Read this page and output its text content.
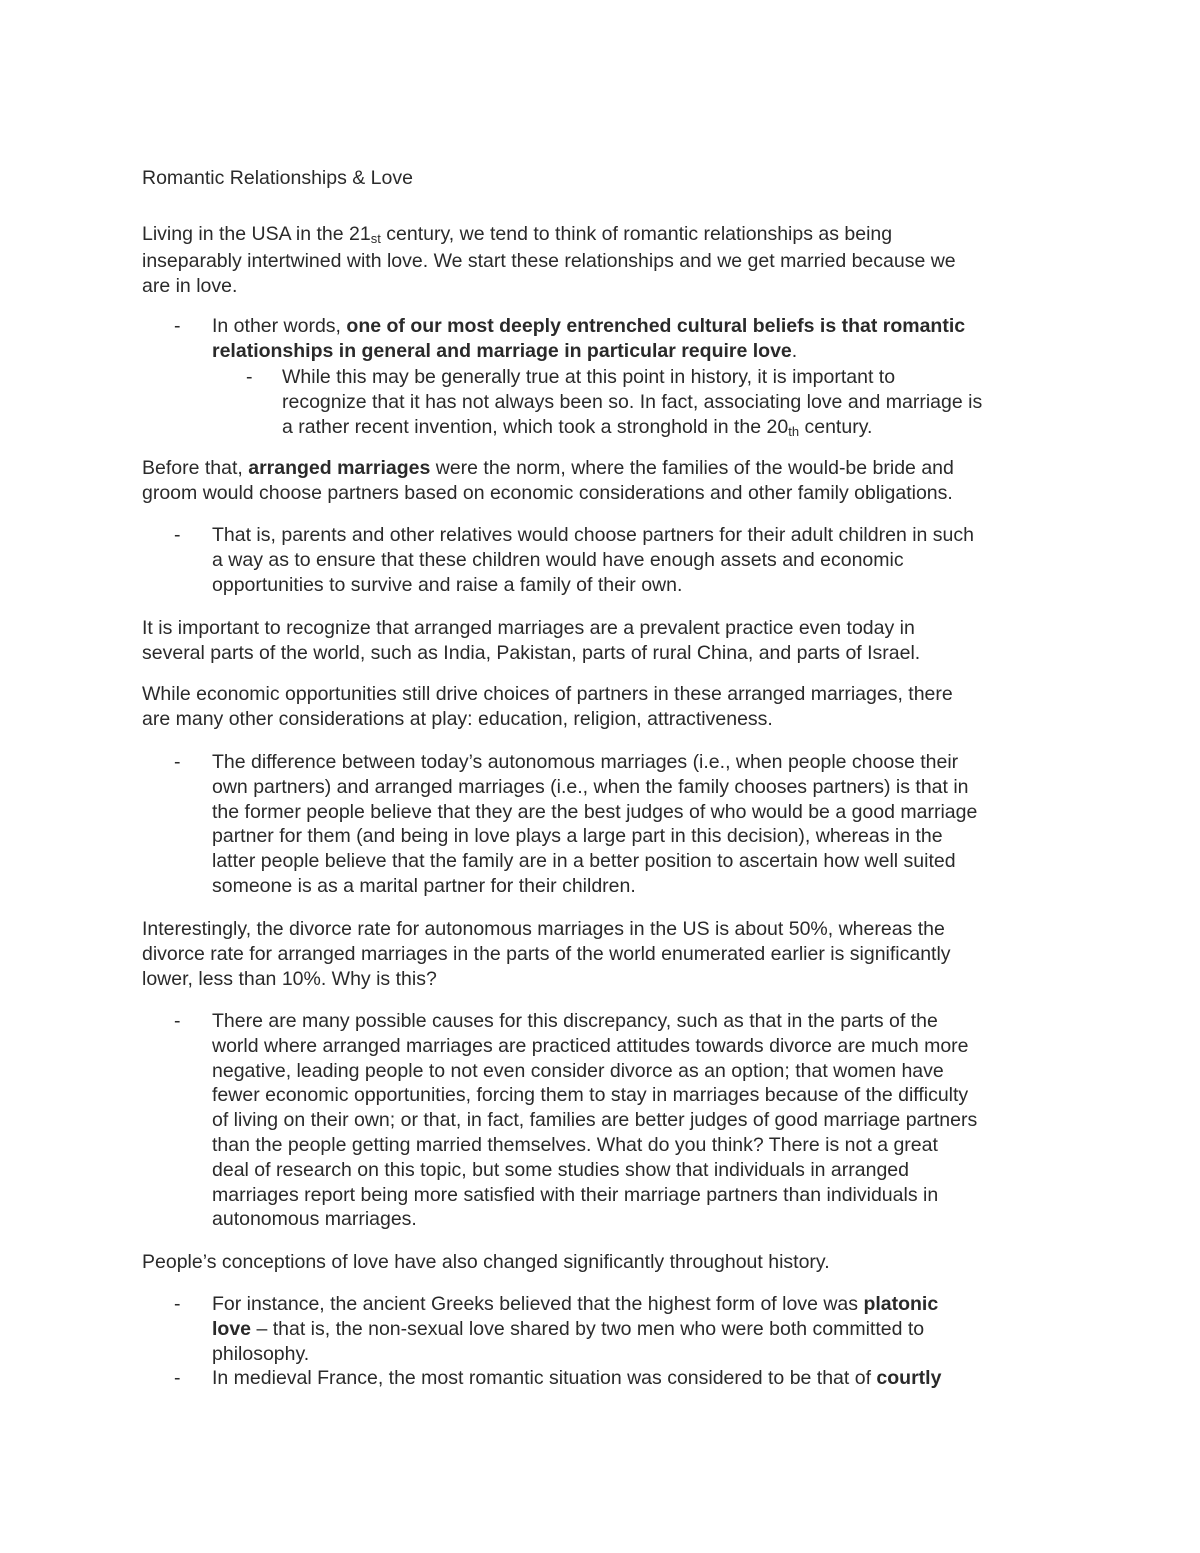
Romantic Relationships & Love
Living in the USA in the 21st century, we tend to think of romantic relationships as being
inseparably intertwined with love. We start these relationships and we get married because we
are in love.
-	In other words, one of our most deeply entrenched cultural beliefs is that romantic
relationships in general and marriage in particular require love.
-	While this may be generally true at this point in history, it is important to
recognize that it has not always been so. In fact, associating love and marriage is
a rather recent invention, which took a stronghold in the 20th century.
Before that, arranged marriages were the norm, where the families of the would-be bride and
groom would choose partners based on economic considerations and other family obligations.
-	That is, parents and other relatives would choose partners for their adult children in such
a way as to ensure that these children would have enough assets and economic
opportunities to survive and raise a family of their own.
It is important to recognize that arranged marriages are a prevalent practice even today in
several parts of the world, such as India, Pakistan, parts of rural China, and parts of Israel.
While economic opportunities still drive choices of partners in these arranged marriages, there
are many other considerations at play: education, religion, attractiveness.
-	The difference between today’s autonomous marriages (i.e., when people choose their
own partners) and arranged marriages (i.e., when the family chooses partners) is that in
the former people believe that they are the best judges of who would be a good marriage
partner for them (and being in love plays a large part in this decision), whereas in the
latter people believe that the family are in a better position to ascertain how well suited
someone is as a marital partner for their children.
Interestingly, the divorce rate for autonomous marriages in the US is about 50%, whereas the
divorce rate for arranged marriages in the parts of the world enumerated earlier is significantly
lower, less than 10%. Why is this?
-	There are many possible causes for this discrepancy, such as that in the parts of the
world where arranged marriages are practiced attitudes towards divorce are much more
negative, leading people to not even consider divorce as an option; that women have
fewer economic opportunities, forcing them to stay in marriages because of the difficulty
of living on their own; or that, in fact, families are better judges of good marriage partners
than the people getting married themselves. What do you think? There is not a great
deal of research on this topic, but some studies show that individuals in arranged
marriages report being more satisfied with their marriage partners than individuals in
autonomous marriages.
People’s conceptions of love have also changed significantly throughout history.
-	For instance, the ancient Greeks believed that the highest form of love was platonic
love – that is, the non-sexual love shared by two men who were both committed to
philosophy.
-	In medieval France, the most romantic situation was considered to be that of courtly
